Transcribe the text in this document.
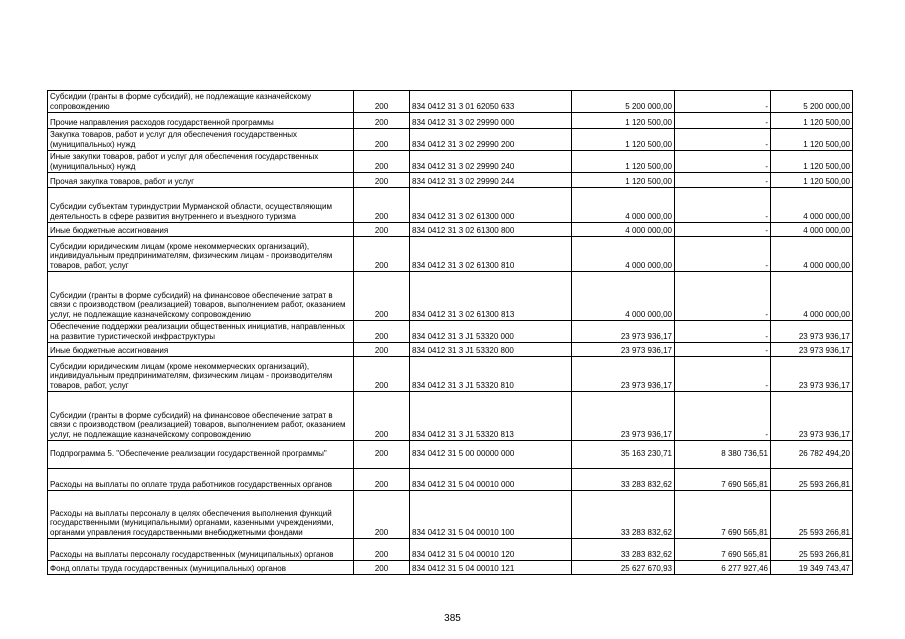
Субсидии (гранты в форме субсидий), не подлежащие казначейскому сопровождению	200	834 0412 31 3 01 62050 633	5 200 000,00	-	5 200 000,00
Прочие направления расходов государственной программы	200	834 0412 31 3 02 29990 000	1 120 500,00	-	1 120 500,00
Закупка товаров, работ и услуг для обеспечения государственных (муниципальных) нужд	200	834 0412 31 3 02 29990 200	1 120 500,00	-	1 120 500,00
Иные закупки товаров, работ и услуг для обеспечения государственных (муниципальных) нужд	200	834 0412 31 3 02 29990 240	1 120 500,00	-	1 120 500,00
Прочая закупка товаров, работ и услуг	200	834 0412 31 3 02 29990 244	1 120 500,00	-	1 120 500,00
Субсидии субъектам туриндустрии Мурманской области, осуществляющим деятельность в сфере развития внутреннего и въездного туризма	200	834 0412 31 3 02 61300 000	4 000 000,00	-	4 000 000,00
Иные бюджетные ассигнования	200	834 0412 31 3 02 61300 800	4 000 000,00	-	4 000 000,00
Субсидии юридическим лицам (кроме некоммерческих организаций), индивидуальным предпринимателям, физическим лицам - производителям товаров, работ, услуг	200	834 0412 31 3 02 61300 810	4 000 000,00	-	4 000 000,00
Субсидии (гранты в форме субсидий) на финансовое обеспечение затрат в связи с производством (реализацией) товаров, выполнением работ, оказанием услуг, не подлежащие казначейскому сопровождению	200	834 0412 31 3 02 61300 813	4 000 000,00	-	4 000 000,00
Обеспечение поддержки реализации общественных инициатив, направленных на развитие туристической инфраструктуры	200	834 0412 31 3 J1 53320 000	23 973 936,17	-	23 973 936,17
Иные бюджетные ассигнования	200	834 0412 31 3 J1 53320 800	23 973 936,17	-	23 973 936,17
Субсидии юридическим лицам (кроме некоммерческих организаций), индивидуальным предпринимателям, физическим лицам - производителям товаров, работ, услуг	200	834 0412 31 3 J1 53320 810	23 973 936,17	-	23 973 936,17
Субсидии (гранты в форме субсидий) на финансовое обеспечение затрат в связи с производством (реализацией) товаров, выполнением работ, оказанием услуг, не подлежащие казначейскому сопровождению	200	834 0412 31 3 J1 53320 813	23 973 936,17	-	23 973 936,17
Подпрограмма 5. "Обеспечение реализации государственной программы"	200	834 0412 31 5 00 00000 000	35 163 230,71	8 380 736,51	26 782 494,20
Расходы на выплаты по оплате труда работников государственных органов	200	834 0412 31 5 04 00010 000	33 283 832,62	7 690 565,81	25 593 266,81
Расходы на выплаты персоналу в целях обеспечения выполнения функций государственными (муниципальными) органами, казенными учреждениями, органами управления государственными внебюджетными фондами	200	834 0412 31 5 04 00010 100	33 283 832,62	7 690 565,81	25 593 266,81
Расходы на выплаты персоналу государственных (муниципальных) органов	200	834 0412 31 5 04 00010 120	33 283 832,62	7 690 565,81	25 593 266,81
Фонд оплаты труда государственных (муниципальных) органов	200	834 0412 31 5 04 00010 121	25 627 670,93	6 277 927,46	19 349 743,47
385
